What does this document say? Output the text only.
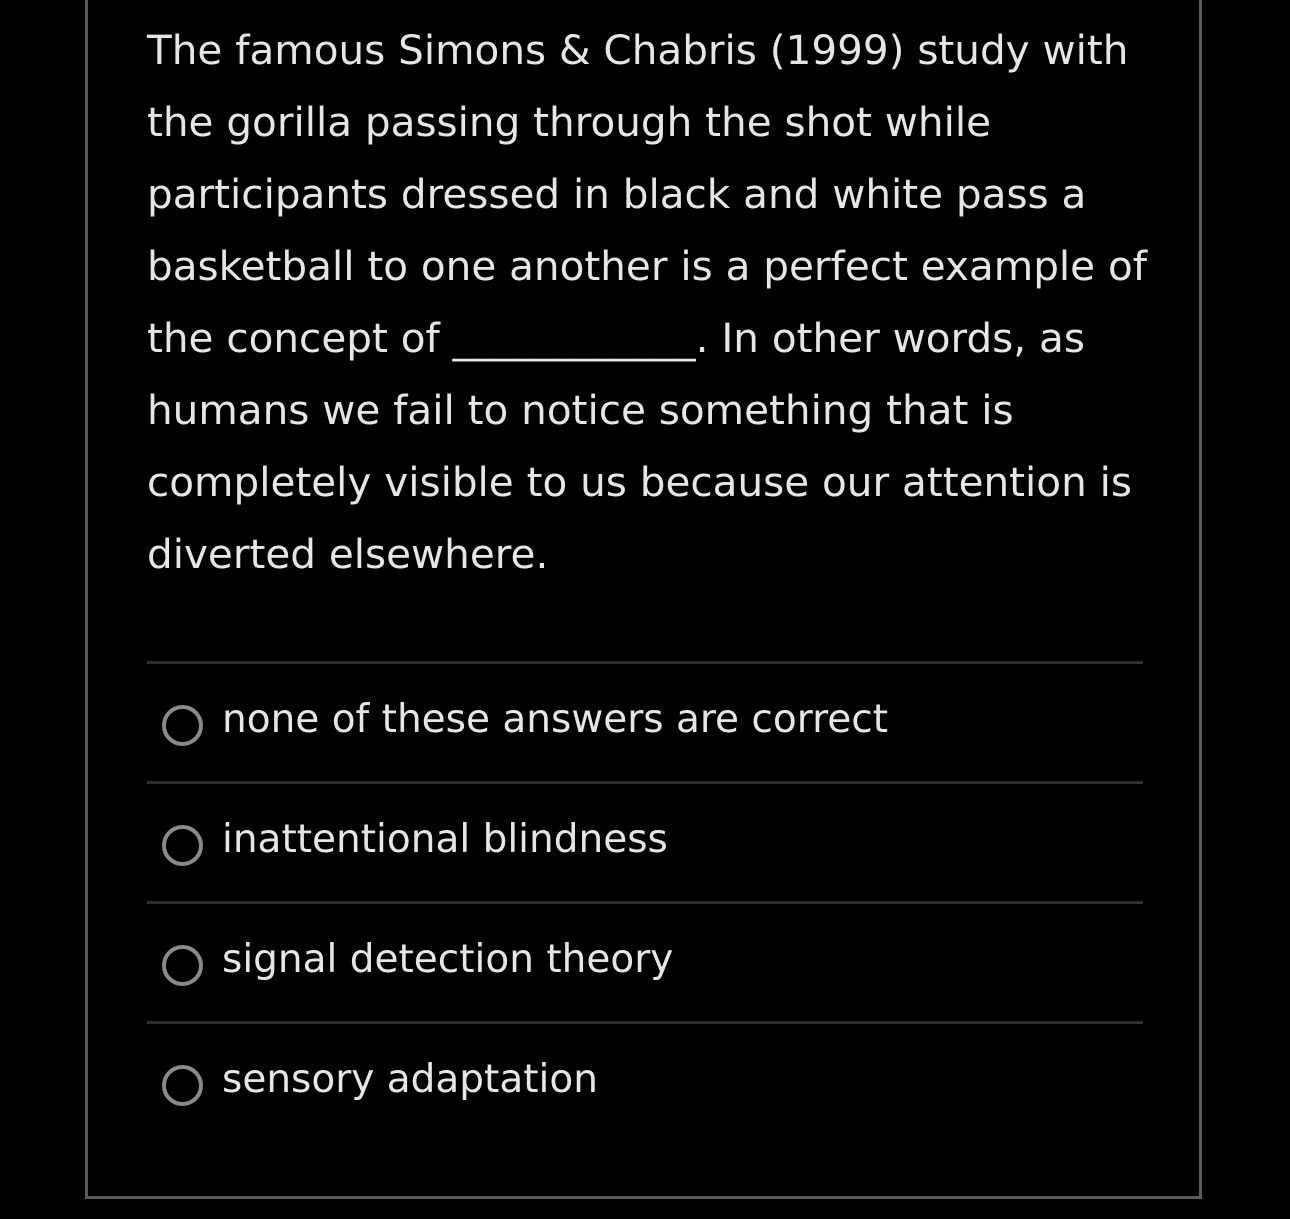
The famous Simons & Chabris (1999) study with the gorilla passing through the shot while participants dressed in black and white pass a basketball to one another is a perfect example of the concept of ____________. In other words, as humans we fail to notice something that is completely visible to us because our attention is diverted elsewhere.

none of these answers are correct
inattentional blindness
signal detection theory
sensory adaptation
